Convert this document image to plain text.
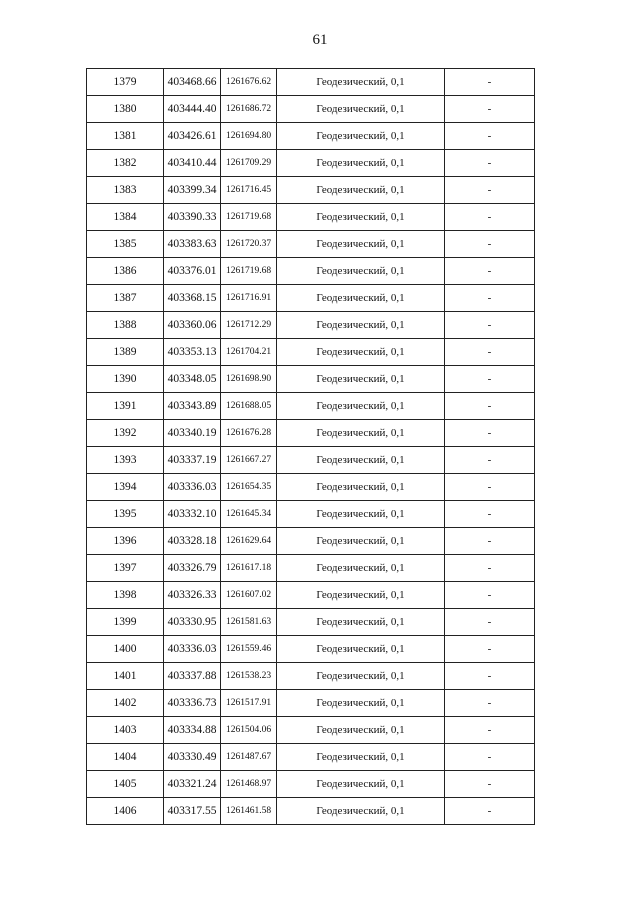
61
1379	403468.66	1261676.62	Геодезический, 0,1	-
1380	403444.40	1261686.72	Геодезический, 0,1	-
1381	403426.61	1261694.80	Геодезический, 0,1	-
1382	403410.44	1261709.29	Геодезический, 0,1	-
1383	403399.34	1261716.45	Геодезический, 0,1	-
1384	403390.33	1261719.68	Геодезический, 0,1	-
1385	403383.63	1261720.37	Геодезический, 0,1	-
1386	403376.01	1261719.68	Геодезический, 0,1	-
1387	403368.15	1261716.91	Геодезический, 0,1	-
1388	403360.06	1261712.29	Геодезический, 0,1	-
1389	403353.13	1261704.21	Геодезический, 0,1	-
1390	403348.05	1261698.90	Геодезический, 0,1	-
1391	403343.89	1261688.05	Геодезический, 0,1	-
1392	403340.19	1261676.28	Геодезический, 0,1	-
1393	403337.19	1261667.27	Геодезический, 0,1	-
1394	403336.03	1261654.35	Геодезический, 0,1	-
1395	403332.10	1261645.34	Геодезический, 0,1	-
1396	403328.18	1261629.64	Геодезический, 0,1	-
1397	403326.79	1261617.18	Геодезический, 0,1	-
1398	403326.33	1261607.02	Геодезический, 0,1	-
1399	403330.95	1261581.63	Геодезический, 0,1	-
1400	403336.03	1261559.46	Геодезический, 0,1	-
1401	403337.88	1261538.23	Геодезический, 0,1	-
1402	403336.73	1261517.91	Геодезический, 0,1	-
1403	403334.88	1261504.06	Геодезический, 0,1	-
1404	403330.49	1261487.67	Геодезический, 0,1	-
1405	403321.24	1261468.97	Геодезический, 0,1	-
1406	403317.55	1261461.58	Геодезический, 0,1	-
